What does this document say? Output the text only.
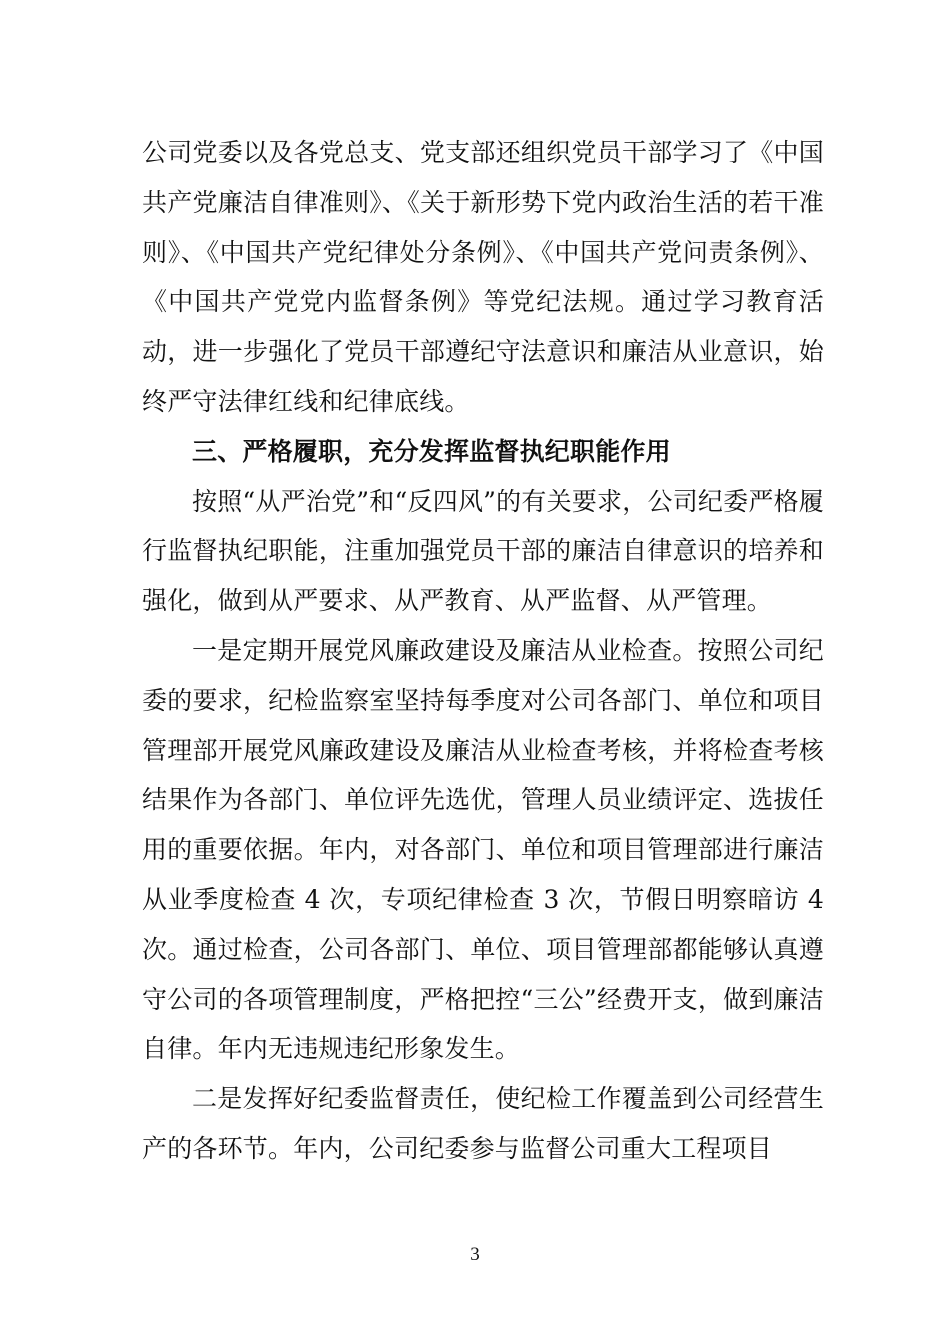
公司党委以及各党总支、党支部还组织党员干部学习了《中国共产党廉洁自律准则》、《关于新形势下党内政治生活的若干准则》、《中国共产党纪律处分条例》、《中国共产党问责条例》、《中国共产党党内监督条例》等党纪法规。通过学习教育活动，进一步强化了党员干部遵纪守法意识和廉洁从业意识，始终严守法律红线和纪律底线。

三、严格履职，充分发挥监督执纪职能作用

按照“从严治党”和“反四风”的有关要求，公司纪委严格履行监督执纪职能，注重加强党员干部的廉洁自律意识的培养和强化，做到从严要求、从严教育、从严监督、从严管理。

一是定期开展党风廉政建设及廉洁从业检查。按照公司纪委的要求，纪检监察室坚持每季度对公司各部门、单位和项目管理部开展党风廉政建设及廉洁从业检查考核，并将检查考核结果作为各部门、单位评先选优，管理人员业绩评定、选拔任用的重要依据。年内，对各部门、单位和项目管理部进行廉洁从业季度检查 4 次，专项纪律检查 3 次，节假日明察暗访 4 次。通过检查，公司各部门、单位、项目管理部都能够认真遵守公司的各项管理制度，严格把控“三公”经费开支，做到廉洁自律。年内无违规违纪形象发生。

二是发挥好纪委监督责任，使纪检工作覆盖到公司经营生产的各环节。年内，公司纪委参与监督公司重大工程项目

3
